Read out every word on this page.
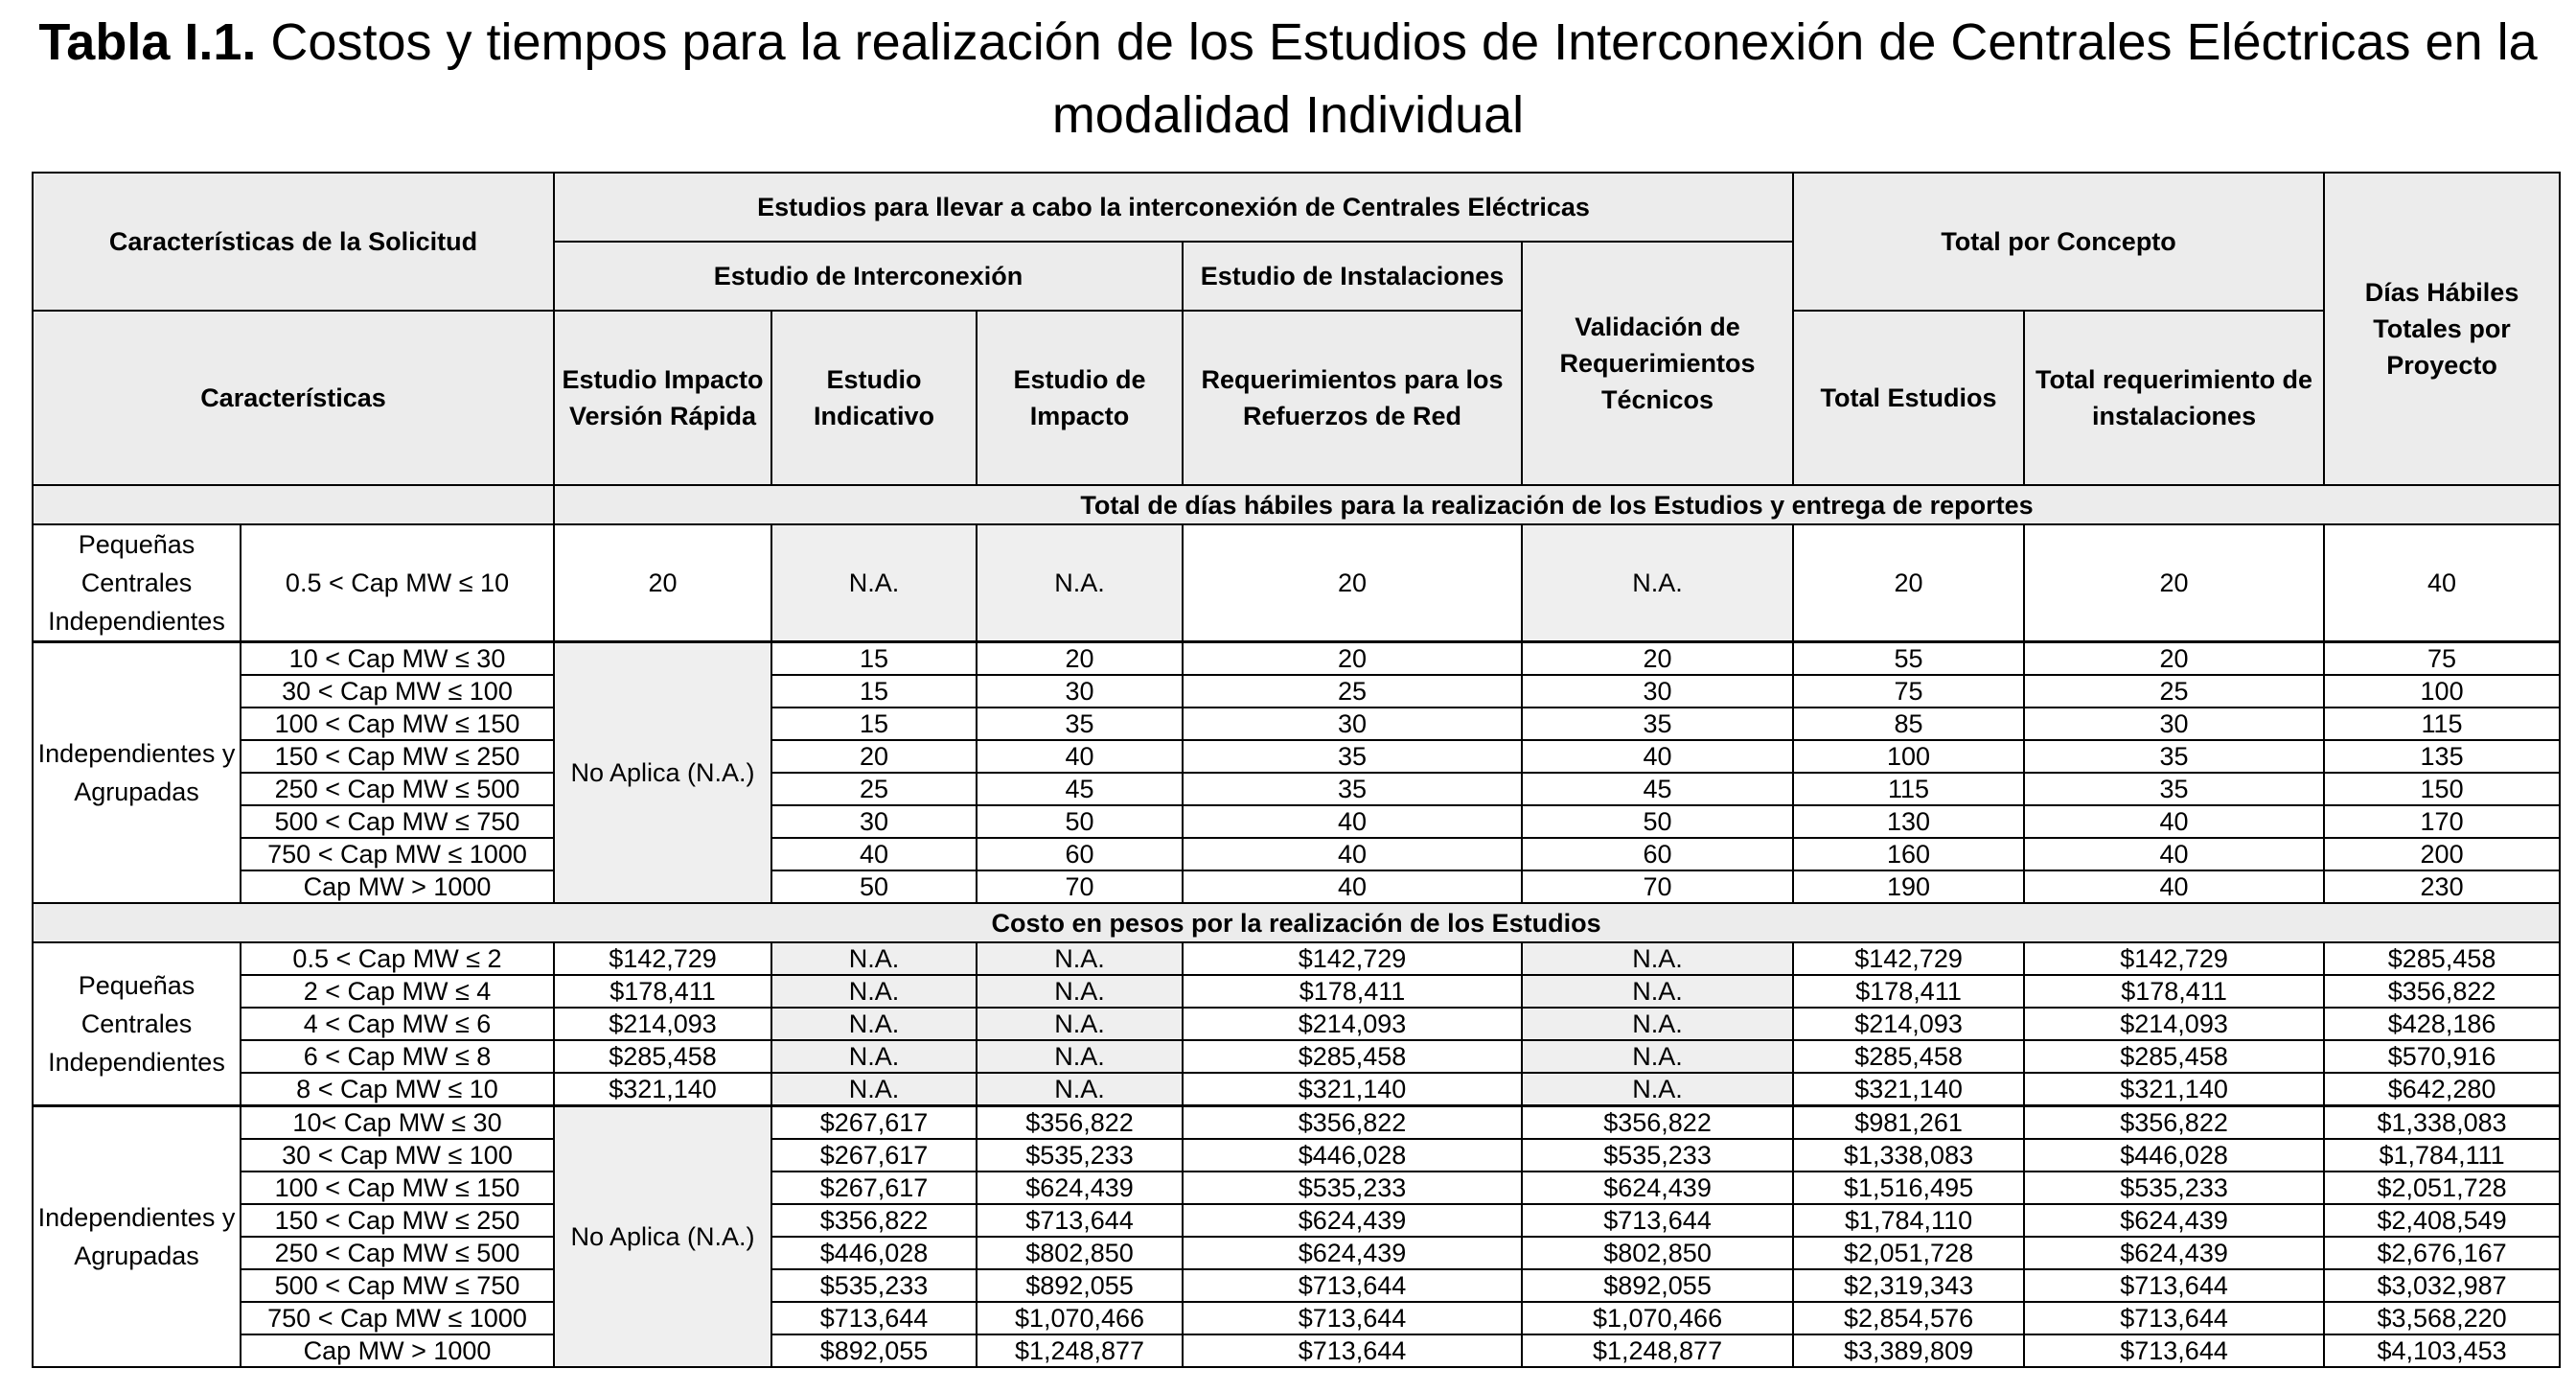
Tabla I.1. Costos y tiempos para la realización de los Estudios de Interconexión de Centrales Eléctricas en la modalidad Individual
Características de la Solicitud		Estudios para llevar a cabo la interconexión de Centrales Eléctricas					Total por Concepto		Días Hábiles Totales por Proyecto
		Estudio de Interconexión			Estudio de Instalaciones	Validación de Requerimientos Técnicos			
Características		Estudio Impacto Versión Rápida	Estudio Indicativo	Estudio de Impacto	Requerimientos para los Refuerzos de Red		Total Estudios	Total requerimiento de instalaciones	
		Total de días hábiles para la realización de los Estudios y entrega de reportes							
Pequeñas Centrales Independientes	0.5 < Cap MW ≤ 10	20	N.A.	N.A.	20	N.A.	20	20	40
Independientes y Agrupadas	10 < Cap MW ≤ 30	No Aplica (N.A.)	15	20	20	20	55	20	75
	30 < Cap MW ≤ 100		15	30	25	30	75	25	100
	100 < Cap MW ≤ 150		15	35	30	35	85	30	115
	150 < Cap MW ≤ 250		20	40	35	40	100	35	135
	250 < Cap MW ≤ 500		25	45	35	45	115	35	150
	500 < Cap MW ≤ 750		30	50	40	50	130	40	170
	750 < Cap MW ≤ 1000		40	60	40	60	160	40	200
	Cap MW > 1000		50	70	40	70	190	40	230
Costo en pesos por la realización de los Estudios									
Pequeñas Centrales Independientes	0.5 < Cap MW ≤ 2	$142,729	N.A.	N.A.	$142,729	N.A.	$142,729	$142,729	$285,458
	2 < Cap MW ≤ 4	$178,411	N.A.	N.A.	$178,411	N.A.	$178,411	$178,411	$356,822
	4 < Cap MW ≤ 6	$214,093	N.A.	N.A.	$214,093	N.A.	$214,093	$214,093	$428,186
	6 < Cap MW ≤ 8	$285,458	N.A.	N.A.	$285,458	N.A.	$285,458	$285,458	$570,916
	8 < Cap MW ≤ 10	$321,140	N.A.	N.A.	$321,140	N.A.	$321,140	$321,140	$642,280
Independientes y Agrupadas	10< Cap MW ≤ 30	No Aplica (N.A.)	$267,617	$356,822	$356,822	$356,822	$981,261	$356,822	$1,338,083
	30 < Cap MW ≤ 100		$267,617	$535,233	$446,028	$535,233	$1,338,083	$446,028	$1,784,111
	100 < Cap MW ≤ 150		$267,617	$624,439	$535,233	$624,439	$1,516,495	$535,233	$2,051,728
	150 < Cap MW ≤ 250		$356,822	$713,644	$624,439	$713,644	$1,784,110	$624,439	$2,408,549
	250 < Cap MW ≤ 500		$446,028	$802,850	$624,439	$802,850	$2,051,728	$624,439	$2,676,167
	500 < Cap MW ≤ 750		$535,233	$892,055	$713,644	$892,055	$2,319,343	$713,644	$3,032,987
	750 < Cap MW ≤ 1000		$713,644	$1,070,466	$713,644	$1,070,466	$2,854,576	$713,644	$3,568,220
	Cap MW > 1000		$892,055	$1,248,877	$713,644	$1,248,877	$3,389,809	$713,644	$4,103,453
